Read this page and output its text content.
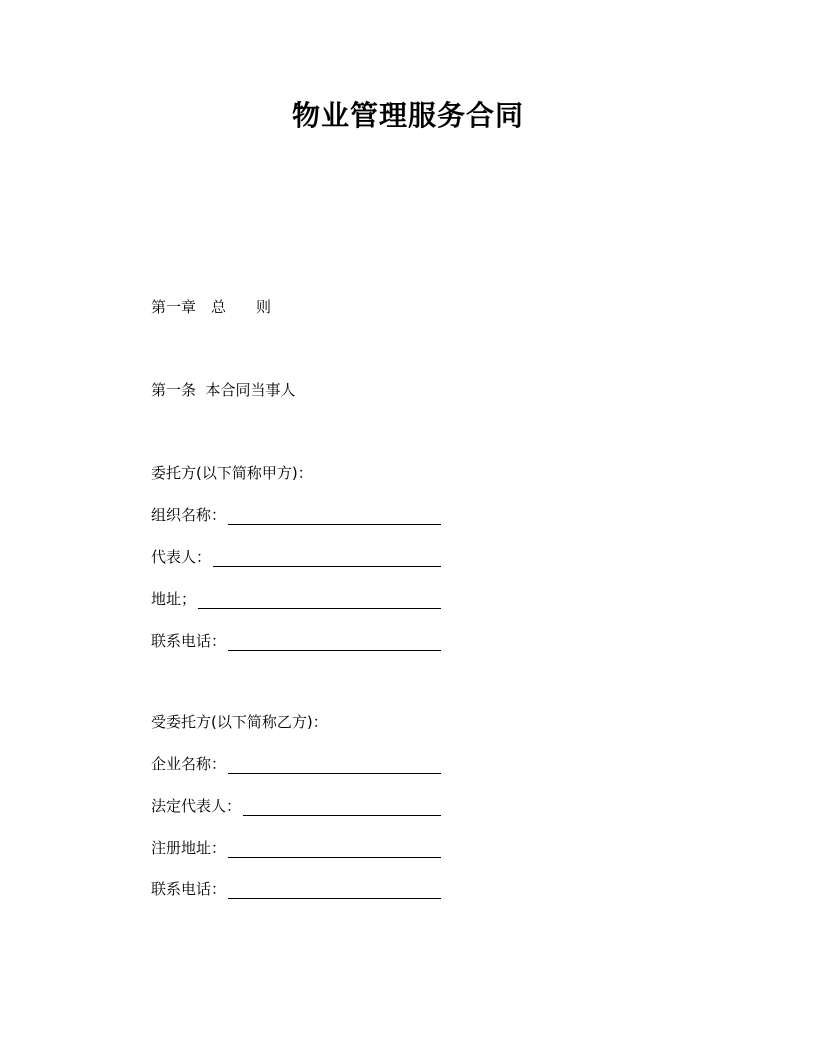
物业管理服务合同
第一章　总　　则
第一条  本合同当事人
委托方(以下简称甲方)：
组织名称：
代表人：
地址；
联系电话：
受委托方(以下简称乙方)：
企业名称：
法定代表人：
注册地址：
联系电话：
